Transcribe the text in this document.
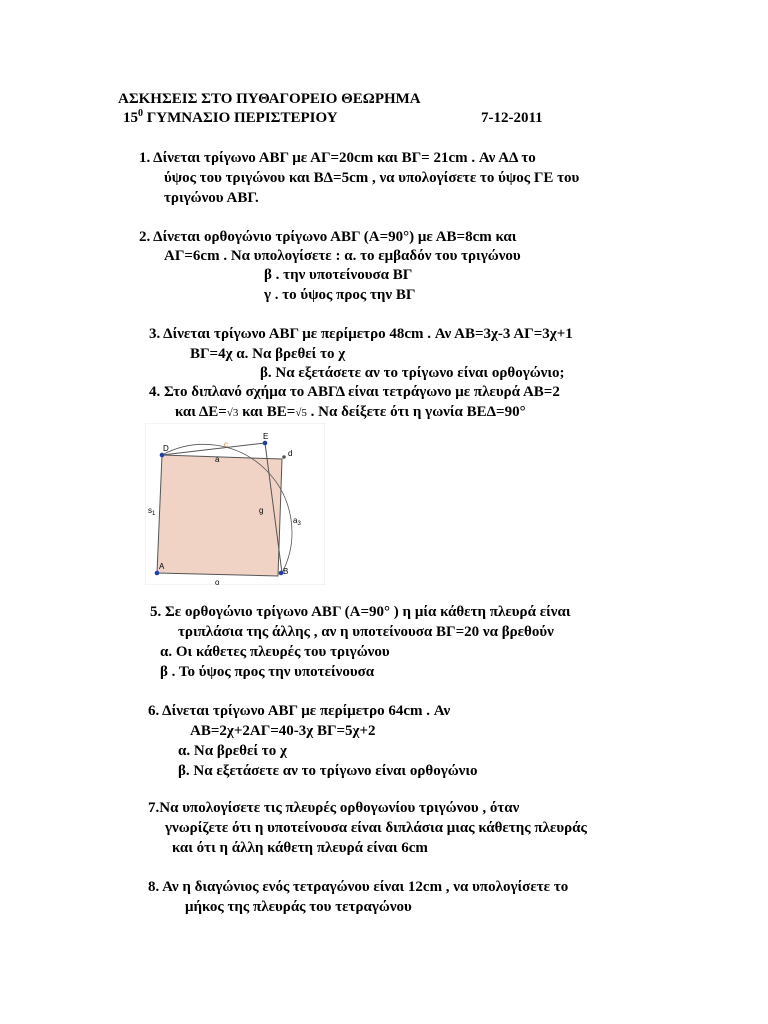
ΑΣΚΗΣΕΙΣ ΣΤΟ ΠΥΘΑΓΟΡΕΙΟ ΘΕΩΡΗΜΑ
$15^0$ ΓΥΜΝΑΣΙΟ ΠΕΡΙΣΤΕΡΙΟΥ	7-12-2011
1. Δίνεται τρίγωνο ΑΒΓ με ΑΓ=20cm και ΒΓ= 21cm . Αν ΑΔ το
ύψος του τριγώνου και ΒΔ=5cm , να υπολογίσετε το ύψος ΓΕ του
τριγώνου ΑΒΓ.
2. Δίνεται ορθογώνιο τρίγωνο ΑΒΓ (Α=90°) με ΑΒ=8cm και
ΑΓ=6cm . Να υπολογίσετε : α. το εμβαδόν του τριγώνου
β . την υποτείνουσα ΒΓ
γ . το ύψος προς την ΒΓ
3. Δίνεται τρίγωνο ΑΒΓ με περίμετρο 48cm . Αν ΑΒ=3χ-3 ΑΓ=3χ+1
ΒΓ=4χ α. Να βρεθεί το χ
β. Να εξετάσετε αν το τρίγωνο είναι ορθογώνιο;
4. Στο διπλανό σχήμα το ΑΒΓΔ είναι τετράγωνο με πλευρά ΑΒ=2
και ΔΕ=√3 και ΒΕ=√5 . Να δείξετε ότι η γωνία ΒΕΔ=90°
D
E
A
B
c
a
d
g
$s_1$
$a_3$
o
5. Σε ορθογώνιο τρίγωνο ΑΒΓ (Α=90° ) η μία κάθετη πλευρά είναι
τριπλάσια της άλλης , αν η υποτείνουσα ΒΓ=20 να βρεθούν
α. Οι κάθετες πλευρές του τριγώνου
β . Το ύψος προς την υποτείνουσα
6. Δίνεται τρίγωνο ΑΒΓ με περίμετρο 64cm . Αν
ΑΒ=2χ+2ΑΓ=40-3χ ΒΓ=5χ+2
α. Να βρεθεί το χ
β. Να εξετάσετε αν το τρίγωνο είναι ορθογώνιο
7.Να υπολογίσετε τις πλευρές ορθογωνίου τριγώνου , όταν
γνωρίζετε ότι η υποτείνουσα είναι διπλάσια μιας κάθετης πλευράς
και ότι η άλλη κάθετη πλευρά είναι 6cm
8. Αν η διαγώνιος ενός τετραγώνου είναι 12cm , να υπολογίσετε το
μήκος της πλευράς του τετραγώνου
